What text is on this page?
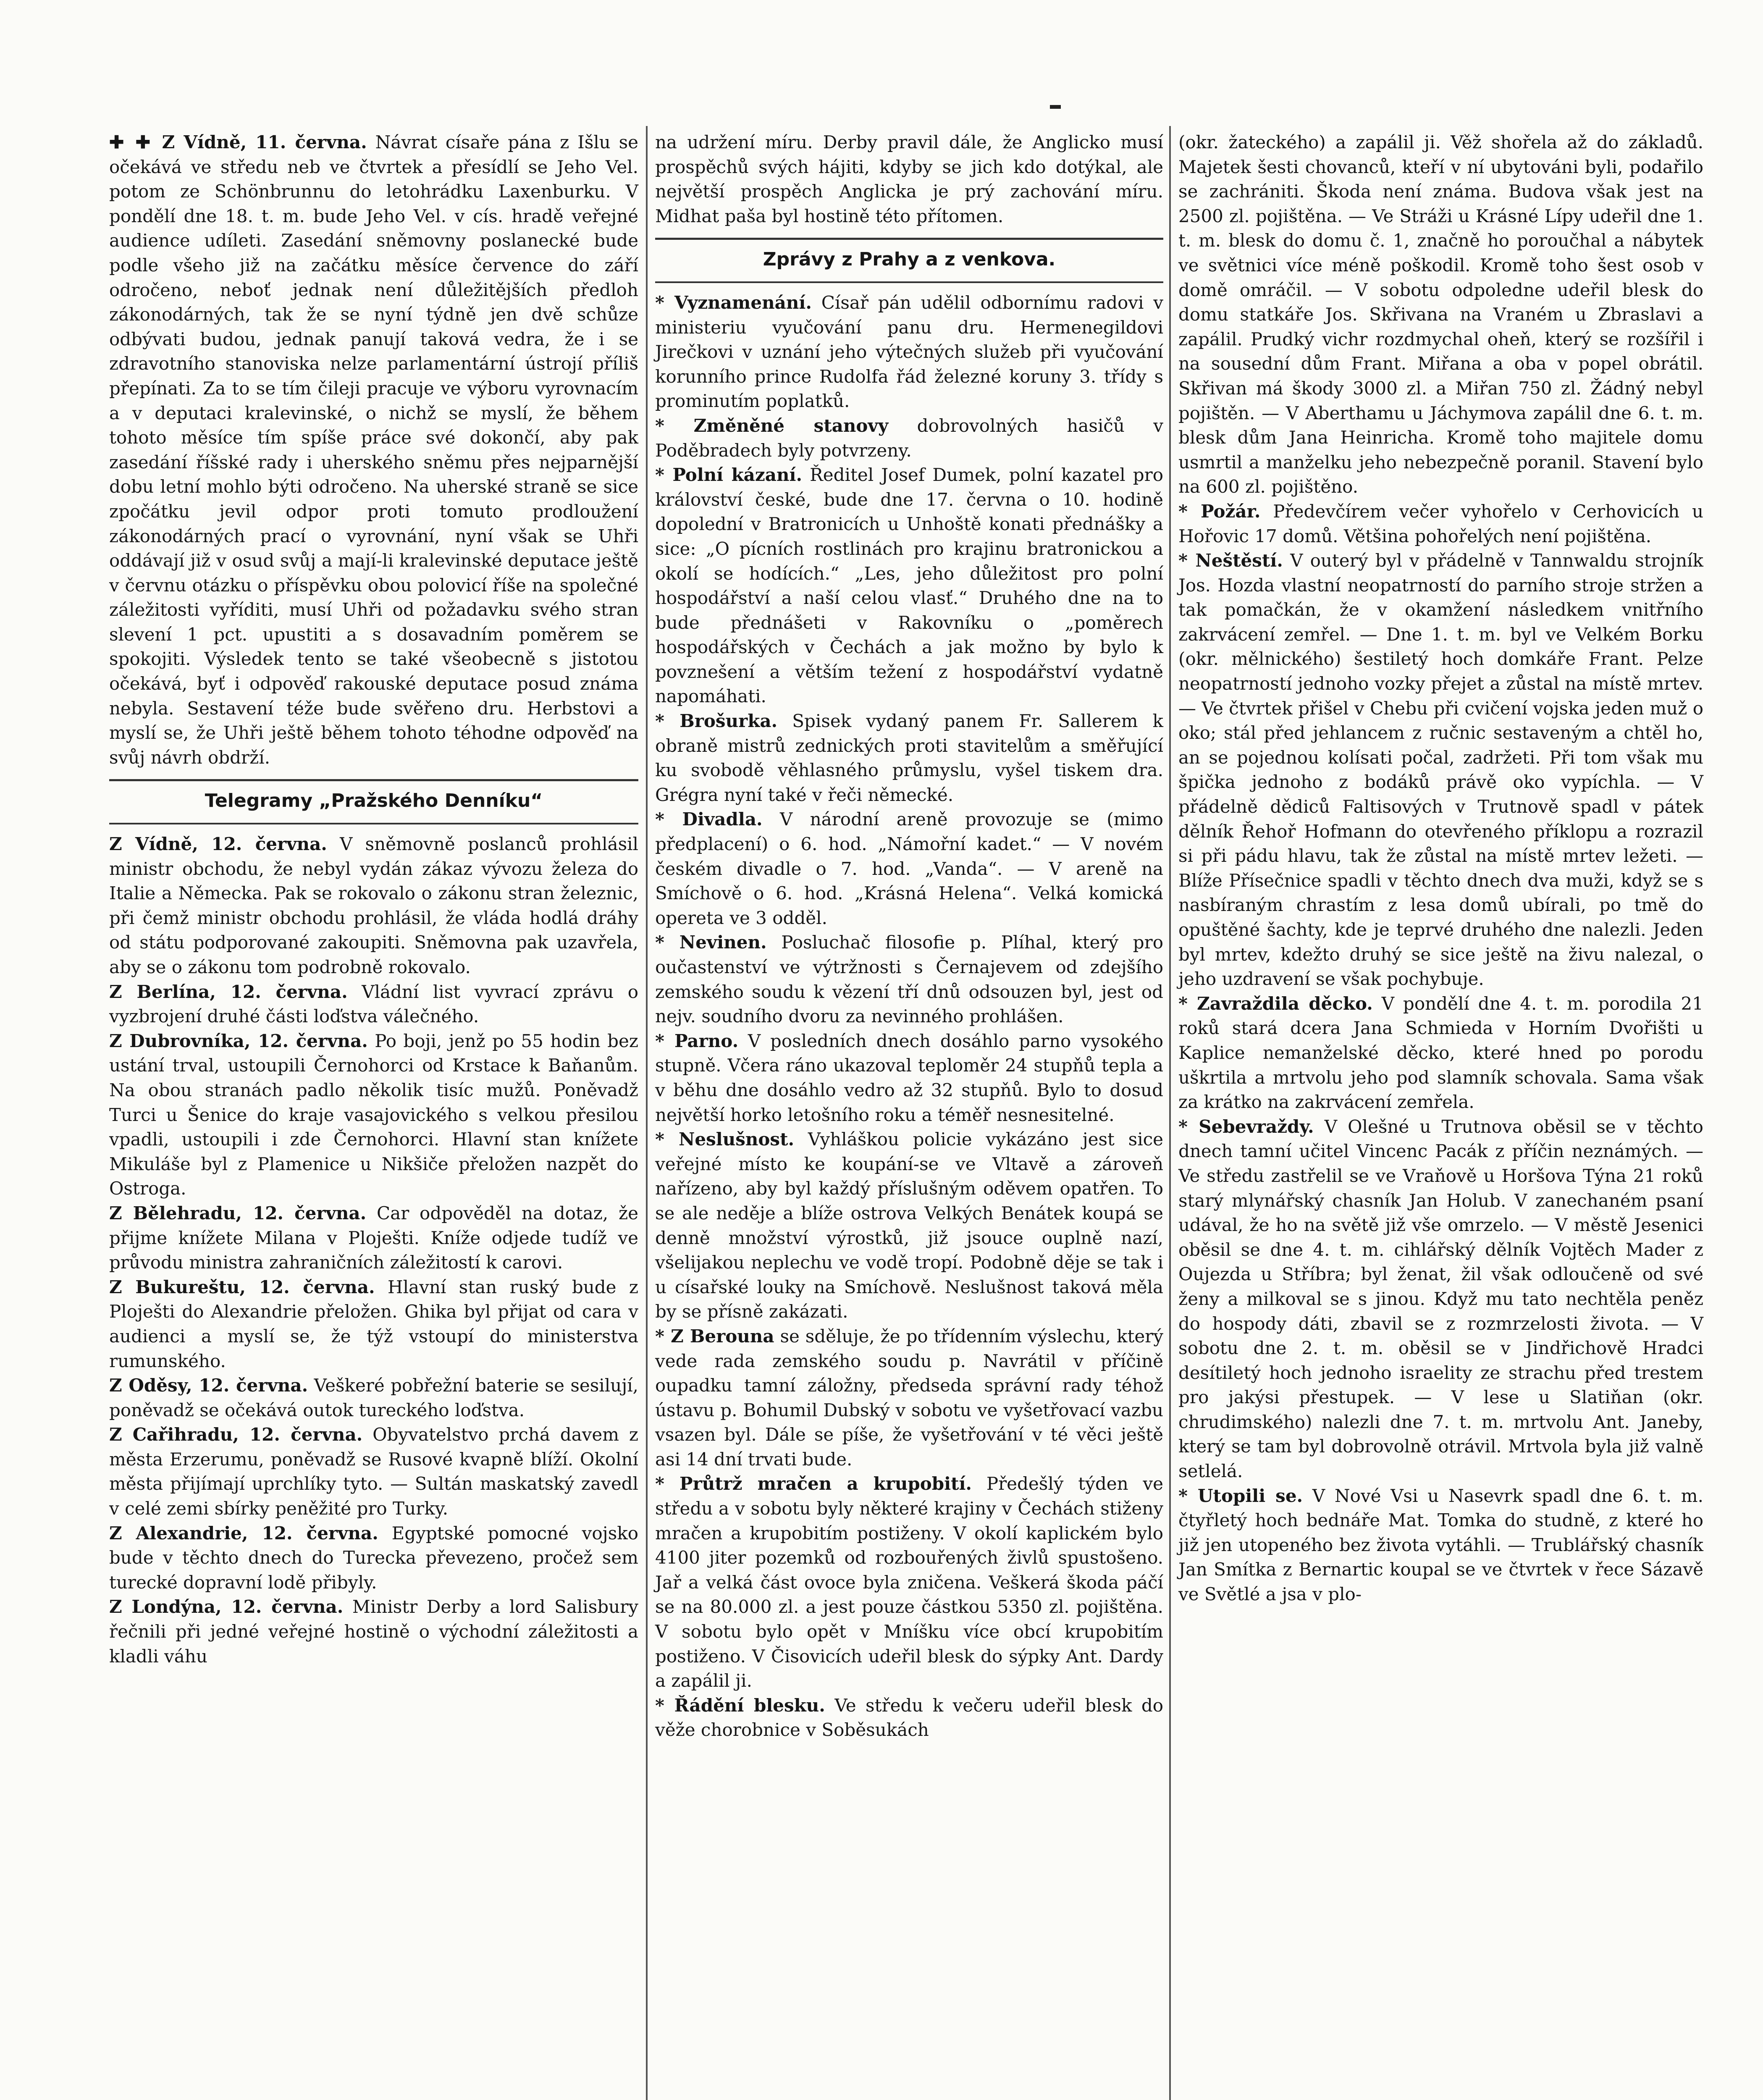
✚ ✚ Z Vídně, 11. června. Návrat císaře pána z Išlu se očekává ve středu neb ve čtvrtek a přesídlí se Jeho Vel. potom ze Schönbrunnu do letohrádku Laxenburku. V pondělí dne 18. t. m. bude Jeho Vel. v cís. hradě veřejné audience udíleti. Zasedání sněmovny poslanecké bude podle všeho již na začátku měsíce července do září odročeno, neboť jednak není důležitějších předloh zákonodárných, tak že se nyní týdně jen dvě schůze odbývati budou, jednak panují taková vedra, že i se zdravotního stanoviska nelze parlamentární ústrojí příliš přepínati. Za to se tím čileji pracuje ve výboru vyrovnacím a v deputaci kralevinské, o nichž se myslí, že během tohoto měsíce tím spíše práce své dokončí, aby pak zasedání říšské rady i uherského sněmu přes nejparnější dobu letní mohlo býti odročeno. Na uherské straně se sice zpočátku jevil odpor proti tomuto prodloužení zákonodárných prací o vyrovnání, nyní však se Uhři oddávají již v osud svůj a mají-li kralevinské deputace ještě v červnu otázku o příspěvku obou polovicí říše na společné záležitosti vyříditi, musí Uhři od požadavku svého stran slevení 1 pct. upustiti a s dosavadním poměrem se spokojiti. Výsledek tento se také všeobecně s jistotou očekává, byť i odpověď rakouské deputace posud známa nebyla. Sestavení téže bude svěřeno dru. Herbstovi a myslí se, že Uhři ještě během tohoto téhodne odpověď na svůj návrh obdrží.

Telegramy „Pražského Denníku“

Z Vídně, 12. června. V sněmovně poslanců prohlásil ministr obchodu, že nebyl vydán zákaz vývozu železa do Italie a Německa. Pak se rokovalo o zákonu stran železnic, při čemž ministr obchodu prohlásil, že vláda hodlá dráhy od státu podporované zakoupiti. Sněmovna pak uzavřela, aby se o zákonu tom podrobně rokovalo.

Z Berlína, 12. června. Vládní list vyvrací zprávu o vyzbrojení druhé části loďstva válečného.

Z Dubrovníka, 12. června. Po boji, jenž po 55 hodin bez ustání trval, ustoupili Černohorci od Krstace k Baňanům. Na obou stranách padlo několik tisíc mužů. Poněvadž Turci u Šenice do kraje vasajovického s velkou přesilou vpadli, ustoupili i zde Černohorci. Hlavní stan knížete Mikuláše byl z Plamenice u Nikšiče přeložen nazpět do Ostroga.

Z Bělehradu, 12. června. Car odpověděl na dotaz, že přijme knížete Milana v Ploješti. Kníže odjede tudíž ve průvodu ministra zahraničních záležitostí k carovi.

Z Bukureštu, 12. června. Hlavní stan ruský bude z Ploješti do Alexandrie přeložen. Ghika byl přijat od cara v audienci a myslí se, že týž vstoupí do ministerstva rumunského.

Z Oděsy, 12. června. Veškeré pobřežní baterie se sesilují, poněvadž se očekává outok tureckého loďstva.

Z Cařihradu, 12. června. Obyvatelstvo prchá davem z města Erzerumu, poněvadž se Rusové kvapně blíží. Okolní města přijímají uprchlíky tyto. — Sultán maskatský zavedl v celé zemi sbírky peněžité pro Turky.

Z Alexandrie, 12. června. Egyptské pomocné vojsko bude v těchto dnech do Turecka převezeno, pročež sem turecké dopravní lodě přibyly.

Z Londýna, 12. června. Ministr Derby a lord Salisbury řečnili při jedné veřejné hostině o východní záležitosti a kladli váhu

na udržení míru. Derby pravil dále, že Anglicko musí prospěchů svých hájiti, kdyby se jich kdo dotýkal, ale největší prospěch Anglicka je prý zachování míru. Midhat paša byl hostině této přítomen.

Zprávy z Prahy a z venkova.

* Vyznamenání. Císař pán udělil odbornímu radovi v ministeriu vyučování panu dru. Hermenegildovi Jirečkovi v uznání jeho výtečných služeb při vyučování korunního prince Rudolfa řád železné koruny 3. třídy s prominutím poplatků.

* Změněné stanovy dobrovolných hasičů v Poděbradech byly potvrzeny.

* Polní kázaní. Ředitel Josef Dumek, polní kazatel pro království české, bude dne 17. června o 10. hodině dopolední v Bratronicích u Unhoště konati přednášky a sice: „O pícních rostlinách pro krajinu bratronickou a okolí se hodících.“ „Les, jeho důležitost pro polní hospodářství a naší celou vlasť.“ Druhého dne na to bude přednášeti v Rakovníku o „poměrech hospodářských v Čechách a jak možno by bylo k povznešení a větším težení z hospodářství vydatně napomáhati.

* Brošurka. Spisek vydaný panem Fr. Sallerem k obraně mistrů zednických proti stavitelům a směřující ku svobodě věhlasného průmyslu, vyšel tiskem dra. Grégra nyní také v řeči německé.

* Divadla. V národní areně provozuje se (mimo předplacení) o 6. hod. „Námořní kadet.“ — V novém českém divadle o 7. hod. „Vanda“. — V areně na Smíchově o 6. hod. „Krásná Helena“. Velká komická opereta ve 3 odděl.

* Nevinen. Posluchač filosofie p. Plíhal, který pro oučastenství ve výtržnosti s Černajevem od zdejšího zemského soudu k vězení tří dnů odsouzen byl, jest od nejv. soudního dvoru za nevinného prohlášen.

* Parno. V posledních dnech dosáhlo parno vysokého stupně. Včera ráno ukazoval teploměr 24 stupňů tepla a v běhu dne dosáhlo vedro až 32 stupňů. Bylo to dosud největší horko letošního roku a téměř nesnesitelné.

* Neslušnost. Vyhláškou policie vykázáno jest sice veřejné místo ke koupání-se ve Vltavě a zároveň nařízeno, aby byl každý příslušným oděvem opatřen. To se ale neděje a blíže ostrova Velkých Benátek koupá se denně množství výrostků, již jsouce ouplně nazí, všelijakou neplechu ve vodě tropí. Podobně děje se tak i u císařské louky na Smíchově. Neslušnost taková měla by se přísně zakázati.

* Z Berouna se sděluje, že po třídenním výslechu, který vede rada zemského soudu p. Navrátil v příčině oupadku tamní záložny, předseda správní rady téhož ústavu p. Bohumil Dubský v sobotu ve vyšetřovací vazbu vsazen byl. Dále se píše, že vyšetřování v té věci ještě asi 14 dní trvati bude.

* Průtrž mračen a krupobití. Předešlý týden ve středu a v sobotu byly některé krajiny v Čechách stiženy mračen a krupobitím postiženy. V okolí kaplickém bylo 4100 jiter pozemků od rozbouřených živlů spustošeno. Jař a velká část ovoce byla zničena. Veškerá škoda páčí se na 80.000 zl. a jest pouze částkou 5350 zl. pojištěna. V sobotu bylo opět v Mníšku více obcí krupobitím postiženo. V Čisovicích udeřil blesk do sýpky Ant. Dardy a zapálil ji.

* Řádění blesku. Ve středu k večeru udeřil blesk do věže chorobnice v Soběsukách

(okr. žateckého) a zapálil ji. Věž shořela až do základů. Majetek šesti chovanců, kteří v ní ubytováni byli, podařilo se zachrániti. Škoda není známa. Budova však jest na 2500 zl. pojištěna. — Ve Stráži u Krásné Lípy udeřil dne 1. t. m. blesk do domu č. 1, značně ho poroučhal a nábytek ve světnici více méně poškodil. Kromě toho šest osob v domě omráčil. — V sobotu odpoledne udeřil blesk do domu statkáře Jos. Skřivana na Vraném u Zbraslavi a zapálil. Prudký vichr rozdmychal oheň, který se rozšířil i na sousední dům Frant. Miřana a oba v popel obrátil. Skřivan má škody 3000 zl. a Miřan 750 zl. Žádný nebyl pojištěn. — V Aberthamu u Jáchymova zapálil dne 6. t. m. blesk dům Jana Heinricha. Kromě toho majitele domu usmrtil a manželku jeho nebezpečně poranil. Stavení bylo na 600 zl. pojištěno.

* Požár. Předevčírem večer vyhořelo v Cerhovicích u Hořovic 17 domů. Většina pohořelých není pojištěna.

* Neštěstí. V outerý byl v přádelně v Tannwaldu strojník Jos. Hozda vlastní neopatrností do parního stroje stržen a tak pomačkán, že v okamžení následkem vnitřního zakrvácení zemřel. — Dne 1. t. m. byl ve Velkém Borku (okr. mělnického) šestiletý hoch domkáře Frant. Pelze neopatrností jednoho vozky přejet a zůstal na místě mrtev. — Ve čtvrtek přišel v Chebu při cvičení vojska jeden muž o oko; stál před jehlancem z ručnic sestaveným a chtěl ho, an se pojednou kolísati počal, zadržeti. Při tom však mu špička jednoho z bodáků právě oko vypíchla. — V přádelně dědiců Faltisových v Trutnově spadl v pátek dělník Řehoř Hofmann do otevřeného příklopu a rozrazil si při pádu hlavu, tak že zůstal na místě mrtev ležeti. — Blíže Přísečnice spadli v těchto dnech dva muži, když se s nasbíraným chrastím z lesa domů ubírali, po tmě do opuštěné šachty, kde je teprvé druhého dne nalezli. Jeden byl mrtev, kdežto druhý se sice ještě na živu nalezal, o jeho uzdravení se však pochybuje.

* Zavraždila děcko. V pondělí dne 4. t. m. porodila 21 roků stará dcera Jana Schmieda v Horním Dvořišti u Kaplice nemanželské děcko, které hned po porodu uškrtila a mrtvolu jeho pod slamník schovala. Sama však za krátko na zakrvácení zemřela.

* Sebevraždy. V Olešné u Trutnova oběsil se v těchto dnech tamní učitel Vincenc Pacák z příčin neznámých. — Ve středu zastřelil se ve Vraňově u Horšova Týna 21 roků starý mlynářský chasník Jan Holub. V zanechaném psaní udával, že ho na světě již vše omrzelo. — V městě Jesenici oběsil se dne 4. t. m. cihlářský dělník Vojtěch Mader z Oujezda u Stříbra; byl ženat, žil však odloučeně od své ženy a milkoval se s jinou. Když mu tato nechtěla peněz do hospody dáti, zbavil se z rozmrzelosti života. — V sobotu dne 2. t. m. oběsil se v Jindřichově Hradci desítiletý hoch jednoho israelity ze strachu před trestem pro jakýsi přestupek. — V lese u Slatiňan (okr. chrudimského) nalezli dne 7. t. m. mrtvolu Ant. Janeby, který se tam byl dobrovolně otrávil. Mrtvola byla již valně setlelá.

* Utopili se. V Nové Vsi u Nasevrk spadl dne 6. t. m. čtyřletý hoch bednáře Mat. Tomka do studně, z které ho již jen utopeného bez života vytáhli. — Trublářský chasník Jan Smítka z Bernartic koupal se ve čtvrtek v řece Sázavě ve Světlé a jsa v plo-
